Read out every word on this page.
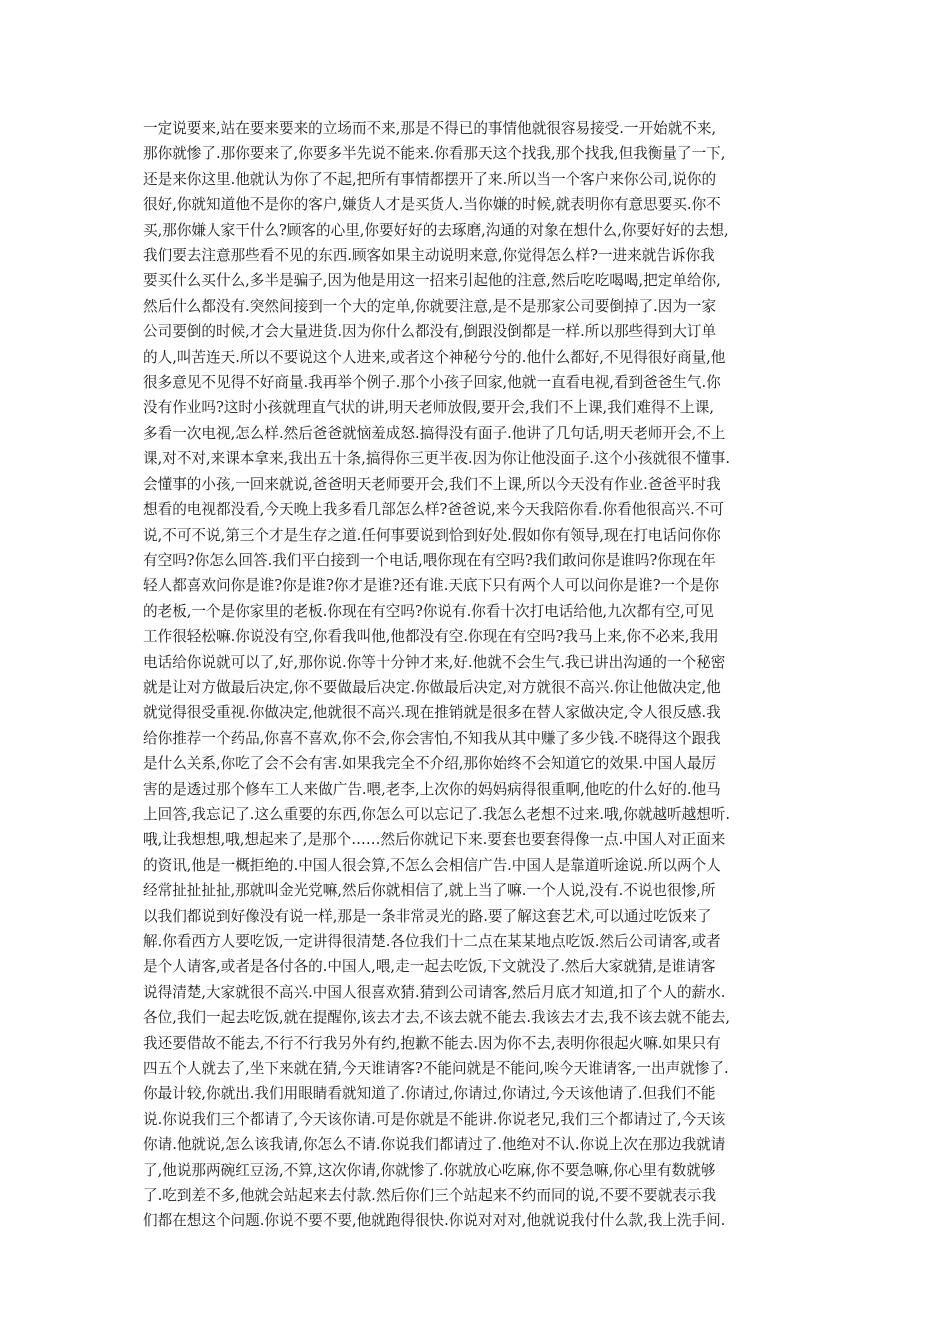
一定说要来,站在要来要来的立场而不来,那是不得已的事情他就很容易接受.一开始就不来,
那你就惨了.那你要来了,你要多半先说不能来.你看那天这个找我,那个找我,但我衡量了一下,
还是来你这里.他就认为你了不起,把所有事情都摆开了来.所以当一个客户来你公司,说你的
很好,你就知道他不是你的客户,嫌货人才是买货人.当你嫌的时候,就表明你有意思要买.你不
买,那你嫌人家干什么?顾客的心里,你要好好的去琢磨,沟通的对象在想什么,你要好好的去想,
我们要去注意那些看不见的东西.顾客如果主动说明来意,你觉得怎么样?一进来就告诉你我
要买什么买什么,多半是骗子,因为他是用这一招来引起他的注意,然后吃吃喝喝,把定单给你,
然后什么都没有.突然间接到一个大的定单,你就要注意,是不是那家公司要倒掉了.因为一家
公司要倒的时候,才会大量进货.因为你什么都没有,倒跟没倒都是一样.所以那些得到大订单
的人,叫苦连天.所以不要说这个人进来,或者这个神秘兮兮的.他什么都好,不见得很好商量,他
很多意见不见得不好商量.我再举个例子.那个小孩子回家,他就一直看电视,看到爸爸生气.你
没有作业吗?这时小孩就理直气状的讲,明天老师放假,要开会,我们不上课,我们难得不上课,
多看一次电视,怎么样.然后爸爸就恼羞成怒.搞得没有面子.他讲了几句话,明天老师开会,不上
课,对不对,来课本拿来,我出五十条,搞得你三更半夜.因为你让他没面子.这个小孩就很不懂事.
会懂事的小孩,一回来就说,爸爸明天老师要开会,我们不上课,所以今天没有作业.爸爸平时我
想看的电视都没看,今天晚上我多看几部怎么样?爸爸说,来今天我陪你看.你看他很高兴.不可
说,不可不说,第三个才是生存之道.任何事要说到恰到好处.假如你有领导,现在打电话问你你
有空吗?你怎么回答.我们平白接到一个电话,喂你现在有空吗?我们敢问你是谁吗?你现在年
轻人都喜欢问你是谁?你是谁?你才是谁?还有谁.天底下只有两个人可以问你是谁?一个是你
的老板,一个是你家里的老板.你现在有空吗?你说有.你看十次打电话给他,九次都有空,可见
工作很轻松嘛.你说没有空,你看我叫他,他都没有空.你现在有空吗?我马上来,你不必来,我用
电话给你说就可以了,好,那你说.你等十分钟才来,好.他就不会生气.我已讲出沟通的一个秘密
就是让对方做最后决定,你不要做最后决定.你做最后决定,对方就很不高兴.你让他做决定,他
就觉得很受重视.你做决定,他就很不高兴.现在推销就是很多在替人家做决定,令人很反感.我
给你推荐一个药品,你喜不喜欢,你不会,你会害怕,不知我从其中赚了多少钱.不晓得这个跟我
是什么关系,你吃了会不会有害.如果我完全不介绍,那你始终不会知道它的效果.中国人最厉
害的是透过那个修车工人来做广告.喂,老李,上次你的妈妈病得很重啊,他吃的什么好的.他马
上回答,我忘记了.这么重要的东西,你怎么可以忘记了.我怎么老想不过来.哦,你就越听越想听.
哦,让我想想,哦,想起来了,是那个……然后你就记下来.要套也要套得像一点.中国人对正面来
的资讯,他是一概拒绝的.中国人很会算,不怎么会相信广告.中国人是靠道听途说.所以两个人
经常扯扯扯扯,那就叫金光党嘛,然后你就相信了,就上当了嘛.一个人说,没有.不说也很惨,所
以我们都说到好像没有说一样,那是一条非常灵光的路.要了解这套艺术,可以通过吃饭来了
解.你看西方人要吃饭,一定讲得很清楚.各位我们十二点在某某地点吃饭.然后公司请客,或者
是个人请客,或者是各付各的.中国人,喂,走一起去吃饭,下文就没了.然后大家就猜,是谁请客
说得清楚,大家就很不高兴.中国人很喜欢猜.猜到公司请客,然后月底才知道,扣了个人的薪水.
各位,我们一起去吃饭,就在提醒你,该去才去,不该去就不能去.我该去才去,我不该去就不能去,
我还要借故不能去,不行不行我另外有约,抱歉不能去.因为你不去,表明你很起火嘛.如果只有
四五个人就去了,坐下来就在猜,今天谁请客?不能问就是不能问,唉今天谁请客,一出声就惨了.
你最计较,你就出.我们用眼睛看就知道了.你请过,你请过,你请过,今天该他请了.但我们不能
说.你说我们三个都请了,今天该你请.可是你就是不能讲.你说老兄,我们三个都请过了,今天该
你请.他就说,怎么该我请,你怎么不请.你说我们都请过了.他绝对不认.你说上次在那边我就请
了,他说那两碗红豆汤,不算,这次你请,你就惨了.你就放心吃麻,你不要急嘛,你心里有数就够
了.吃到差不多,他就会站起来去付款.然后你们三个站起来不约而同的说,不要不要就表示我
们都在想这个问题.你说不要不要,他就跑得很快.你说对对对,他就说我付什么款,我上洗手间.
